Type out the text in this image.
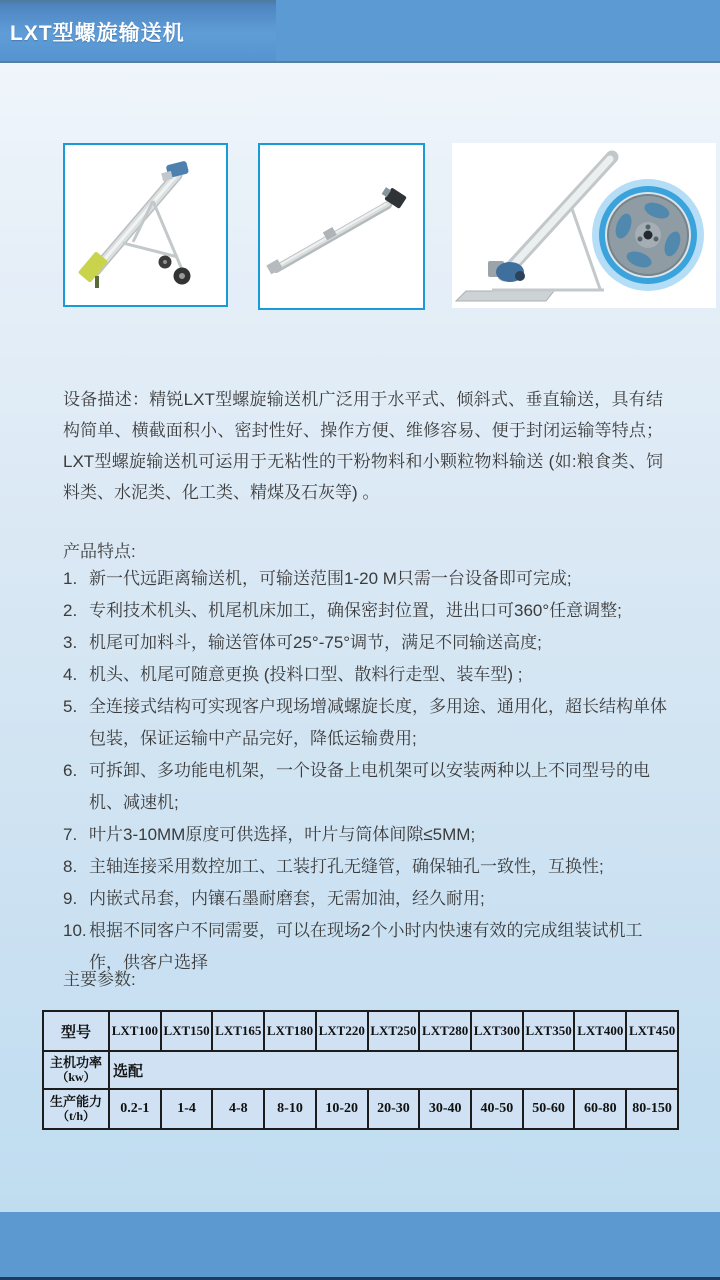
LXT型螺旋输送机
设备描述：精锐LXT型螺旋输送机广泛用于水平式、倾斜式、垂直输送，具有结构简单、横截面积小、密封性好、操作方便、维修容易、便于封闭运输等特点；LXT型螺旋输送机可运用于无粘性的干粉物料和小颗粒物料输送 (如:粮食类、饲料类、水泥类、化工类、精煤及石灰等) 。
产品特点:
1. 新一代远距离输送机，可输送范围1-20 M只需一台设备即可完成;
2. 专利技术机头、机尾机床加工，确保密封位置，进出口可360°任意调整;
3. 机尾可加料斗，输送管体可25°-75°调节，满足不同输送高度;
4. 机头、机尾可随意更换 (投料口型、散料行走型、装车型) ;
5. 全连接式结构可实现客户现场增减螺旋长度，多用途、通用化，超长结构单体包装，保证运输中产品完好，降低运输费用;
6. 可拆卸、多功能电机架，一个设备上电机架可以安装两种以上不同型号的电机、减速机;
7. 叶片3-10MM原度可供选择，叶片与筒体间隙≤5MM;
8. 主轴连接采用数控加工、工装打孔无缝管，确保轴孔一致性，互换性;
9. 内嵌式吊套，内镶石墨耐磨套，无需加油，经久耐用;
10. 根据不同客户不同需要，可以在现场2个小时内快速有效的完成组装试机工作，供客户选择
主要参数:
型号	LXT100	LXT150	LXT165	LXT180	LXT220	LXT250	LXT280	LXT300	LXT350	LXT400	LXT450

主机功率
（kw）	选配										

生产能力
（t/h）	0.2-1	1-4	4-8	8-10	10-20	20-30	30-40	40-50	50-60	60-80	80-150
